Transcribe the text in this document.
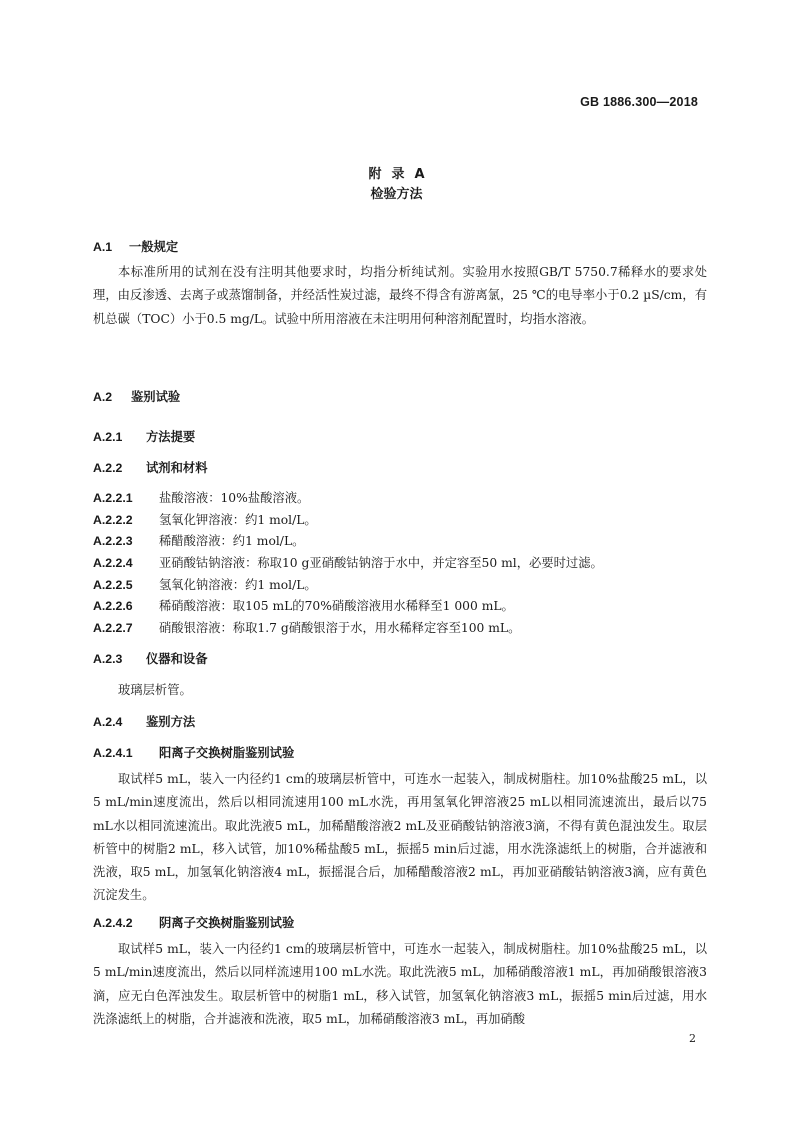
GB 1886.300—2018
附录A
检验方法
A.1 一般规定
本标准所用的试剂在没有注明其他要求时，均指分析纯试剂。实验用水按照GB/T 5750.7稀释水的要求处理，由反渗透、去离子或蒸馏制备，并经活性炭过滤，最终不得含有游离氯，25 ℃的电导率小于0.2 µS/cm，有机总碳（TOC）小于0.5 mg/L。试验中所用溶液在未注明用何种溶剂配置时，均指水溶液。
A.2 鉴别试验
A.2.1 方法提要
A.2.2 试剂和材料
A.2.2.1 盐酸溶液：10%盐酸溶液。
A.2.2.2 氢氧化钾溶液：约1 mol/L。
A.2.2.3 稀醋酸溶液：约1 mol/L。
A.2.2.4 亚硝酸钴钠溶液：称取10 g亚硝酸钴钠溶于水中，并定容至50 ml，必要时过滤。
A.2.2.5 氢氧化钠溶液：约1 mol/L。
A.2.2.6 稀硝酸溶液：取105 mL的70%硝酸溶液用水稀释至1 000 mL。
A.2.2.7 硝酸银溶液：称取1.7 g硝酸银溶于水，用水稀释定容至100 mL。
A.2.3 仪器和设备
玻璃层析管。
A.2.4 鉴别方法
A.2.4.1 阳离子交换树脂鉴别试验
取试样5 mL，装入一内径约1 cm的玻璃层析管中，可连水一起装入，制成树脂柱。加10%盐酸25 mL，以5 mL/min速度流出，然后以相同流速用100 mL水洗，再用氢氧化钾溶液25 mL以相同流速流出，最后以75 mL水以相同流速流出。取此洗液5 mL，加稀醋酸溶液2 mL及亚硝酸钴钠溶液3滴，不得有黄色混浊发生。取层析管中的树脂2 mL，移入试管，加10%稀盐酸5 mL，振摇5 min后过滤，用水洗涤滤纸上的树脂，合并滤液和洗液，取5 mL，加氢氧化钠溶液4 mL，振摇混合后，加稀醋酸溶液2 mL，再加亚硝酸钴钠溶液3滴，应有黄色沉淀发生。
A.2.4.2 阴离子交换树脂鉴别试验
取试样5 mL，装入一内径约1 cm的玻璃层析管中，可连水一起装入，制成树脂柱。加10%盐酸25 mL，以5 mL/min速度流出，然后以同样流速用100 mL水洗。取此洗液5 mL，加稀硝酸溶液1 mL，再加硝酸银溶液3滴，应无白色浑浊发生。取层析管中的树脂1 mL，移入试管，加氢氧化钠溶液3 mL，振摇5 min后过滤，用水洗涤滤纸上的树脂，合并滤液和洗液，取5 mL，加稀硝酸溶液3 mL，再加硝酸
2
